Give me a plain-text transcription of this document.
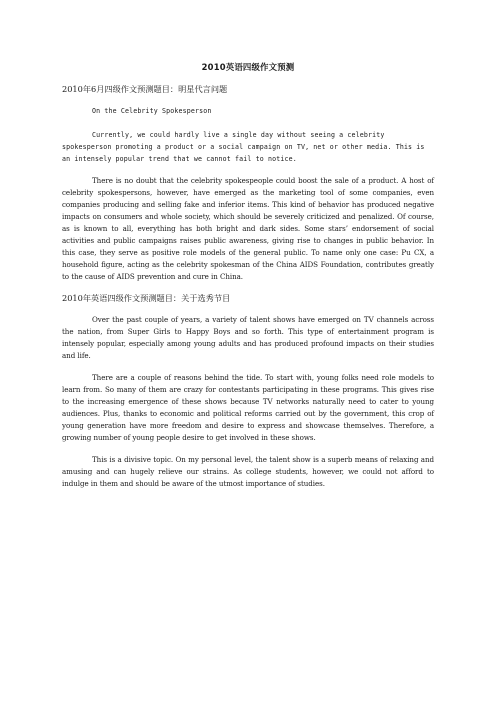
2010英语四级作文预测
2010年6月四级作文预测题目：明星代言问题
On the Celebrity Spokesperson

Currently, we could hardly live a single day without seeing a celebrity spokesperson promoting a product or a social campaign on TV, net or other media. This is an intensely popular trend that we cannot fail to notice.

There is no doubt that the celebrity spokespeople could boost the sale of a product. A host of celebrity spokespersons, however, have emerged as the marketing tool of some companies, even companies producing and selling fake and inferior items. This kind of behavior has produced negative impacts on consumers and whole society, which should be severely criticized and penalized. Of course, as is known to all, everything has both bright and dark sides. Some stars’ endorsement of social activities and public campaigns raises public awareness, giving rise to changes in public behavior. In this case, they serve as positive role models of the general public. To name only one case: Pu CX, a household figure, acting as the celebrity spokesman of the China AIDS Foundation, contributes greatly to the cause of AIDS prevention and cure in China.

2010年英语四级作文预测题目：关于选秀节目

Over the past couple of years, a variety of talent shows have emerged on TV channels across the nation, from Super Girls to Happy Boys and so forth. This type of entertainment program is intensely popular, especially among young adults and has produced profound impacts on their studies and life.

There are a couple of reasons behind the tide. To start with, young folks need role models to learn from. So many of them are crazy for contestants participating in these programs. This gives rise to the increasing emergence of these shows because TV networks naturally need to cater to young audiences. Plus, thanks to economic and political reforms carried out by the government, this crop of young generation have more freedom and desire to express and showcase themselves. Therefore, a growing number of young people desire to get involved in these shows.

This is a divisive topic. On my personal level, the talent show is a superb means of relaxing and amusing and can hugely relieve our strains. As college students, however, we could not afford to indulge in them and should be aware of the utmost importance of studies.
